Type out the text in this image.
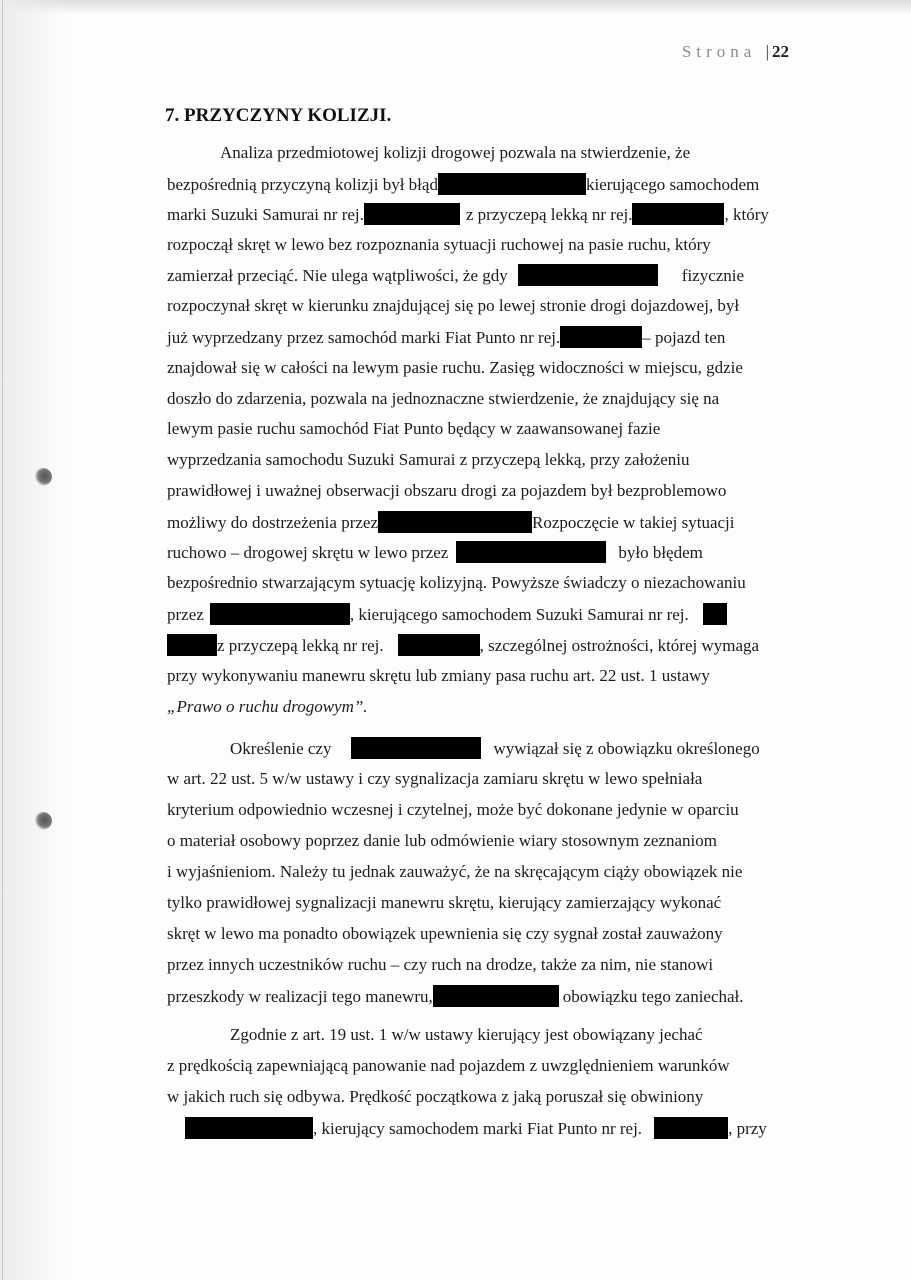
Strona | 22
7. PRZYCZYNY KOLIZJI.
Analiza przedmiotowej kolizji drogowej pozwala na stwierdzenie, że
bezpośrednią przyczyną kolizji był błąd	kierującego samochodem
marki Suzuki Samurai nr rej.	z przyczepą lekką nr rej.	, który
rozpoczął skręt w lewo bez rozpoznania sytuacji ruchowej na pasie ruchu, który
zamierzał przeciąć. Nie ulega wątpliwości, że gdy	fizycznie
rozpoczynał skręt w kierunku znajdującej się po lewej stronie drogi dojazdowej, był
już wyprzedzany przez samochód marki Fiat Punto nr rej.	– pojazd ten
znajdował się w całości na lewym pasie ruchu. Zasięg widoczności w miejscu, gdzie
doszło do zdarzenia, pozwala na jednoznaczne stwierdzenie, że znajdujący się na
lewym pasie ruchu samochód Fiat Punto będący w zaawansowanej fazie
wyprzedzania samochodu Suzuki Samurai z przyczepą lekką, przy założeniu
prawidłowej i uważnej obserwacji obszaru drogi za pojazdem był bezproblemowo
możliwy do dostrzeżenia przez	Rozpoczęcie w takiej sytuacji
ruchowo – drogowej skrętu w lewo przez	było błędem
bezpośrednio stwarzającym sytuację kolizyjną. Powyższe świadczy o niezachowaniu
przez	, kierującego samochodem Suzuki Samurai nr rej.
z przyczepą lekką nr rej.	, szczególnej ostrożności, której wymaga
przy wykonywaniu manewru skrętu lub zmiany pasa ruchu art. 22 ust. 1 ustawy
„Prawo o ruchu drogowym”.
Określenie czy	wywiązał się z obowiązku określonego
w art. 22 ust. 5 w/w ustawy i czy sygnalizacja zamiaru skrętu w lewo spełniała
kryterium odpowiednio wczesnej i czytelnej, może być dokonane jedynie w oparciu
o materiał osobowy poprzez danie lub odmówienie wiary stosownym zeznaniom
i wyjaśnieniom. Należy tu jednak zauważyć, że na skręcającym ciąży obowiązek nie
tylko prawidłowej sygnalizacji manewru skrętu, kierujący zamierzający wykonać
skręt w lewo ma ponadto obowiązek upewnienia się czy sygnał został zauważony
przez innych uczestników ruchu – czy ruch na drodze, także za nim, nie stanowi
przeszkody w realizacji tego manewru,	obowiązku tego zaniechał.
Zgodnie z art. 19 ust. 1 w/w ustawy kierujący jest obowiązany jechać
z prędkością zapewniającą panowanie nad pojazdem z uwzględnieniem warunków
w jakich ruch się odbywa. Prędkość początkowa z jaką poruszał się obwiniony
, kierujący samochodem marki Fiat Punto nr rej.	, przy
